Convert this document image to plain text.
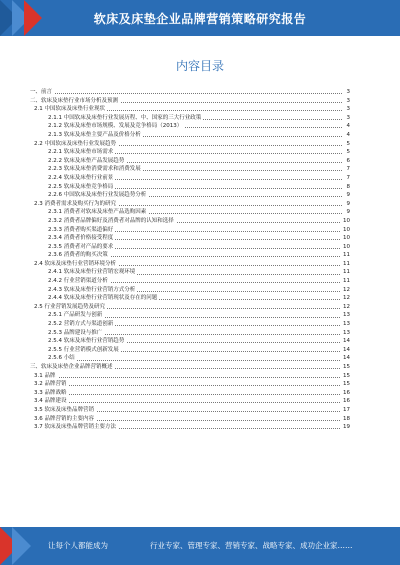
软床及床垫企业品牌营销策略研究报告
内容目录
一、前言	3
二、软床及床垫行业市场分析及预测	3
2.1 中国软床及床垫行业现状	3
2.1.1 中国软床及床垫行业发展历程、中、国家的三大行业政策	3
2.1.2 软床及床垫市场规模、发展及竞争格局（2013）	4
2.1.3 软床及床垫主要产品及价格分析	4
2.2 中国软床及床垫行业发展趋势	5
2.2.1 软床及床垫市场需求	5
2.2.2 软床及床垫产品发展趋势	6
2.2.3 软床及床垫消费需求和消费发展	7
2.2.4 软床及床垫行业前景	7
2.2.5 软床及床垫竞争格局	8
2.2.6 中国软床及床垫行业发展趋势分析	9
2.3 消费者需求及购买行为的研究	9
2.3.1 消费者对软床及床垫产品选购因素	9
2.3.2 消费者品牌偏好及消费者对品牌的认知和选择	10
2.3.3 消费者购买渠道偏好	10
2.3.4 消费者价格接受程度	10
2.3.5 消费者对产品的要求	10
2.3.6 消费者的购买决策	11
2.4 软床及床垫行业营销环境分析	11
2.4.1 软床及床垫行业营销宏观环境	11
2.4.2 行业营销渠道分析	11
2.4.3 软床及床垫行业营销方式分析	12
2.4.4 软床及床垫行业营销现状及存在的问题	12
2.5 行业营销发展趋势及研究	12
2.5.1 产品研发与创新	13
2.5.2 营销方式与渠道创新	13
2.5.3 品牌建设与推广	13
2.5.4 软床及床垫行业营销趋势	14
2.5.5 行业营销模式创新发展	14
2.5.6 小结	14
三、软床及床垫企业品牌营销概述	15
3.1 品牌	15
3.2 品牌营销	15
3.3 品牌战略	16
3.4 品牌建设	16
3.5 软床及床垫品牌营销	17
3.6 品牌营销的主要内容	18
3.7 软床及床垫品牌营销主要方法	19
让每个人都能成为	行业专家、管理专家、营销专家、战略专家、成功企业家……
